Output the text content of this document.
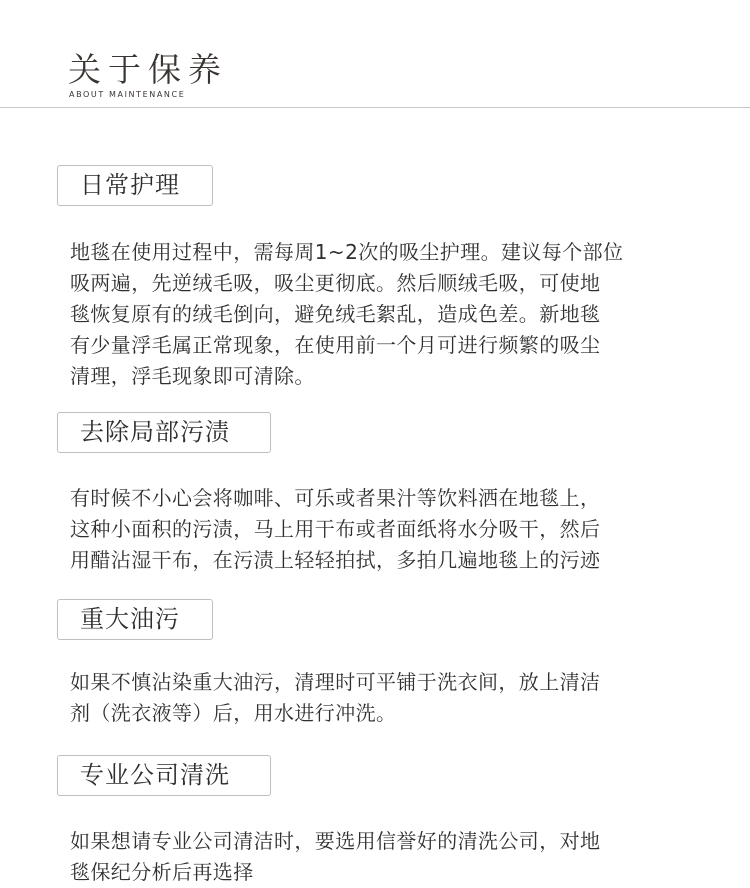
关于保养
ABOUT MAINTENANCE
日常护理
地毯在使用过程中，需每周1~2次的吸尘护理。建议每个部位
吸两遍，先逆绒毛吸，吸尘更彻底。然后顺绒毛吸，可使地
毯恢复原有的绒毛倒向，避免绒毛絮乱，造成色差。新地毯
有少量浮毛属正常现象，在使用前一个月可进行频繁的吸尘
清理，浮毛现象即可清除。
去除局部污渍
有时候不小心会将咖啡、可乐或者果汁等饮料洒在地毯上，
这种小面积的污渍，马上用干布或者面纸将水分吸干，然后
用醋沾湿干布，在污渍上轻轻拍拭，多拍几遍地毯上的污迹
重大油污
如果不慎沾染重大油污，清理时可平铺于洗衣间，放上清洁
剂（洗衣液等）后，用水进行冲洗。
专业公司清洗
如果想请专业公司清洁时，要选用信誉好的清洗公司，对地
毯保纪分析后再选择
